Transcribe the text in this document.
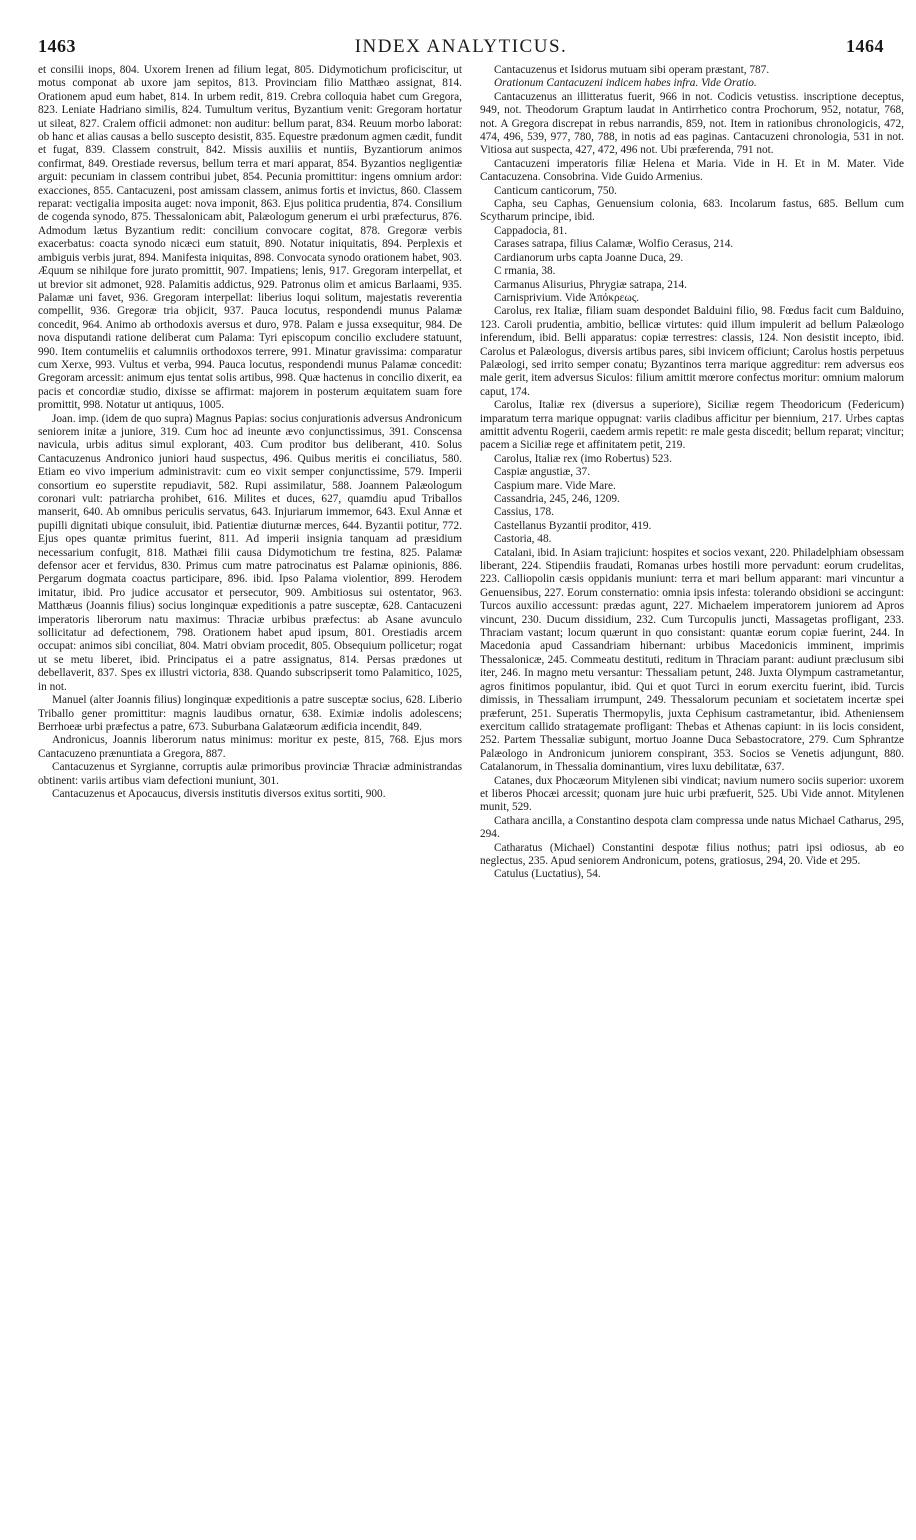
1463	INDEX ANALYTICUS.	1464

et consilii inops, 804. Uxorem Irenen ad filium legat, 805. Didymotichum proficiscitur, ut motus componat ab uxore jam sepitos, 813. Provinciam filio Matthæo assignat, 814. Orationem apud eum habet, 814. In urbem redit, 819. Crebra colloquia habet cum Gregora, 823. Leniate Hadriano similis, 824. Tumultum veritus, Byzantium venit: Gregoram hortatur ut sileat, 827. Cralem officii admonet: non auditur: bellum parat, 834. Reuum morbo laborat: ob hanc et alias causas a bello suscepto desistit, 835. Equestre prædonum agmen cædit, fundit et fugat, 839. Classem construit, 842. Missis auxiliis et nuntiis, Byzantiorum animos confirmat, 849. Orestiade reversus, bellum terra et mari apparat, 854. Byzantios negligentiæ arguit: pecuniam in classem contribui jubet, 854. Pecunia promittitur: ingens omnium ardor: exacciones, 855. Cantacuzeni, post amissam classem, animus fortis et invictus, 860. Classem reparat: vectigalia imposita auget: nova imponit, 863. Ejus politica prudentia, 874. Consilium de cogenda synodo, 875. Thessalonicam abit, Palæologum generum ei urbi præfecturus, 876. Admodum lætus Byzantium redit: concilium convocare cogitat, 878. Gregoræ verbis exacerbatus: coacta synodo nicæci eum statuit, 890. Notatur iniquitatis, 894. Perplexis et ambiguis verbis jurat, 894. Manifesta iniquitas, 898. Convocata synodo orationem habet, 903. Æquum se nihilque fore jurato promittit, 907. Impatiens; lenis, 917. Gregoram interpellat, et ut brevior sit admonet, 928. Palamitis addictus, 929. Patronus olim et amicus Barlaami, 935. Palamæ uni favet, 936. Gregoram interpellat: liberius loqui solitum, majestatis reverentia compellit, 936. Gregoræ tria objicit, 937. Pauca locutus, respondendi munus Palamæ concedit, 964. Animo ab orthodoxis aversus et duro, 978. Palam e jussa exsequitur, 984. De nova disputandi ratione deliberat cum Palama: Tyri episcopum concilio excludere statuunt, 990. Item contumeliis et calumniis orthodoxos terrere, 991. Minatur gravissima: comparatur cum Xerxe, 993. Vultus et verba, 994. Pauca locutus, respondendi munus Palamæ concedit: Gregoram arcessit: animum ejus tentat solis artibus, 998. Quæ hactenus in concilio dixerit, ea pacis et concordiæ studio, dixisse se affirmat: majorem in posterum æquitatem suam fore promittit, 998. Notatur ut antiquus, 1005.

Joan. imp. (idem de quo supra) Magnus Papias: socius conjurationis adversus Andronicum seniorem initæ a juniore, 319. Cum hoc ad ineunte ævo conjunctissimus, 391. Conscensa navicula, urbis aditus simul explorant, 403. Cum proditor bus deliberant, 410. Solus Cantacuzenus Andronico juniori haud suspectus, 496. Quibus meritis ei conciliatus, 580. Etiam eo vivo imperium administravit: cum eo vixit semper conjunctissime, 579. Imperii consortium eo superstite repudiavit, 582. Rupi assimilatur, 588. Joannem Palæologum coronari vult: patriarcha prohibet, 616. Milites et duces, 627, quamdiu apud Triballos manserit, 640. Ab omnibus periculis servatus, 643. Injuriarum immemor, 643. Exul Annæ et pupilli dignitati ubique consuluit, ibid. Patientiæ diuturnæ merces, 644. Byzantii potitur, 772. Ejus opes quantæ primitus fuerint, 811. Ad imperii insignia tanquam ad præsidium necessarium confugit, 818. Mathæi filii causa Didymotichum tre festina, 825. Palamæ defensor acer et fervidus, 830. Primus cum matre patrocinatus est Palamæ opinionis, 886. Pergarum dogmata coactus participare, 896. ibid. Ipso Palama violentior, 899. Herodem imitatur, ibid. Pro judice accusator et persecutor, 909. Ambitiosus sui ostentator, 963. Matthæus (Joannis filius) socius longinquæ expeditionis a patre susceptæ, 628. Cantacuzeni imperatoris liberorum natu maximus: Thraciæ urbibus præfectus: ab Asane avunculo sollicitatur ad defectionem, 798. Orationem habet apud ipsum, 801. Orestiadis arcem occupat: animos sibi conciliat, 804. Matri obviam procedit, 805. Obsequium pollicetur; rogat ut se metu liberet, ibid. Principatus ei a patre assignatus, 814. Persas prædones ut debellaverit, 837. Spes ex illustri victoria, 838. Quando subscripserit tomo Palamitico, 1025, in not.

Manuel (alter Joannis filius) longinquæ expeditionis a patre susceptæ socius, 628. Liberio Triballo gener promittitur: magnis laudibus ornatur, 638. Eximiæ indolis adolescens; Berrhoeæ urbi præfectus a patre, 673. Suburbana Galatæorum ædificia incendit, 849.

Andronicus, Joannis liberorum natus minimus: moritur ex peste, 815, 768. Ejus mors Cantacuzeno prænuntiata a Gregora, 887.

Cantacuzenus et Syrgianne, corruptis aulæ primoribus provinciæ Thraciæ administrandas obtinent: variis artibus viam defectioni muniunt, 301.

Cantacuzenus et Apocaucus, diversis institutis diversos exitus sortiti, 900.

Cantacuzenus et Isidorus mutuam sibi operam præstant, 787.

Orationum Cantacuzeni indicem habes infra. Vide Oratio.

Cantacuzenus an illitteratus fuerit, 966 in not. Codicis vetustiss. inscriptione deceptus, 949, not. Theodorum Graptum laudat in Antirrhetico contra Prochorum, 952, notatur, 768, not. A Gregora discrepat in rebus narrandis, 859, not. Item in rationibus chronologicis, 472, 474, 496, 539, 977, 780, 788, in notis ad eas paginas. Cantacuzeni chronologia, 531 in not. Vitiosa aut suspecta, 427, 472, 496 not. Ubi præferenda, 791 not.

Cantacuzeni imperatoris filiæ Helena et Maria. Vide in H. Et in M. Mater. Vide Cantacuzena. Consobrina. Vide Guido Armenius.

Canticum canticorum, 750.

Capha, seu Caphas, Genuensium colonia, 683. Incolarum fastus, 685. Bellum cum Scytharum principe, ibid.

Cappadocia, 81.

Carases satrapa, filius Calamæ, Wolfio Cerasus, 214.

Cardianorum urbs capta Joanne Duca, 29.

C rmania, 38.

Carmanus Alisurius, Phrygiæ satrapa, 214.

Carnisprivium. Vide Ἀπόκρεως.

Carolus, rex Italiæ, filiam suam despondet Balduini filio, 98. Fœdus facit cum Balduino, 123. Caroli prudentia, ambitio, bellicæ virtutes: quid illum impulerit ad bellum Palæologo inferendum, ibid. Belli apparatus: copiæ terrestres: classis, 124. Non desistit incepto, ibid. Carolus et Palæologus, diversis artibus pares, sibi invicem officiunt; Carolus hostis perpetuus Palæologi, sed irrito semper conatu; Byzantinos terra marique aggreditur: rem adversus eos male gerit, item adversus Siculos: filium amittit mœrore confectus moritur: omnium malorum caput, 174.

Carolus, Italiæ rex (diversus a superiore), Siciliæ regem Theodoricum (Federicum) imparatum terra marique oppugnat: variis cladibus afficitur per biennium, 217. Urbes captas amittit adventu Rogerii, caedem armis repetit: re male gesta discedit; bellum reparat; vincitur; pacem a Siciliæ rege et affinitatem petit, 219.

Carolus, Italiæ rex (imo Robertus) 523.

Caspiæ angustiæ, 37.

Caspium mare. Vide Mare.

Cassandria, 245, 246, 1209.

Cassius, 178.

Castellanus Byzantii proditor, 419.

Castoria, 48.

Catalani, ibid. In Asiam trajiciunt: hospites et socios vexant, 220. Philadelphiam obsessam liberant, 224. Stipendiis fraudati, Romanas urbes hostili more pervadunt: eorum crudelitas, 223. Calliopolin cæsis oppidanis muniunt: terra et mari bellum apparant: mari vincuntur a Genuensibus, 227. Eorum consternatio: omnia ipsis infesta: tolerando obsidioni se accingunt: Turcos auxilio accessunt: prædas agunt, 227. Michaelem imperatorem juniorem ad Apros vincunt, 230. Ducum dissidium, 232. Cum Turcopulis juncti, Massagetas profligant, 233. Thraciam vastant; locum quærunt in quo consistant: quantæ eorum copiæ fuerint, 244. In Macedonia apud Cassandriam hibernant: urbibus Macedonicis imminent, imprimis Thessalonicæ, 245. Commeatu destituti, reditum in Thraciam parant: audiunt præclusum sibi iter, 246. In magno metu versantur: Thessaliam petunt, 248. Juxta Olympum castrametantur, agros finitimos populantur, ibid. Qui et quot Turci in eorum exercitu fuerint, ibid. Turcis dimissis, in Thessaliam irrumpunt, 249. Thessalorum pecuniam et societatem incertæ spei præferunt, 251. Superatis Thermopylis, juxta Cephisum castrametantur, ibid. Atheniensem exercitum callido stratagemate profligant: Thebas et Athenas capiunt: in iis locis consident, 252. Partem Thessaliæ subigunt, mortuo Joanne Duca Sebastocratore, 279. Cum Sphrantze Palæologo in Andronicum juniorem conspirant, 353. Socios se Venetis adjungunt, 880. Catalanorum, in Thessalia dominantium, vires luxu debilitatæ, 637.

Catanes, dux Phocæorum Mitylenen sibi vindicat; navium numero sociis superior: uxorem et liberos Phocæi arcessit; quonam jure huic urbi præfuerit, 525. Ubi Vide annot. Mitylenen munit, 529.

Cathara ancilla, a Constantino despota clam compressa unde natus Michael Catharus, 295, 294.

Catharatus (Michael) Constantini despotæ filius nothus; patri ipsi odiosus, ab eo neglectus, 235. Apud seniorem Andronicum, potens, gratiosus, 294, 20. Vide et 295.

Catulus (Luctatius), 54.
